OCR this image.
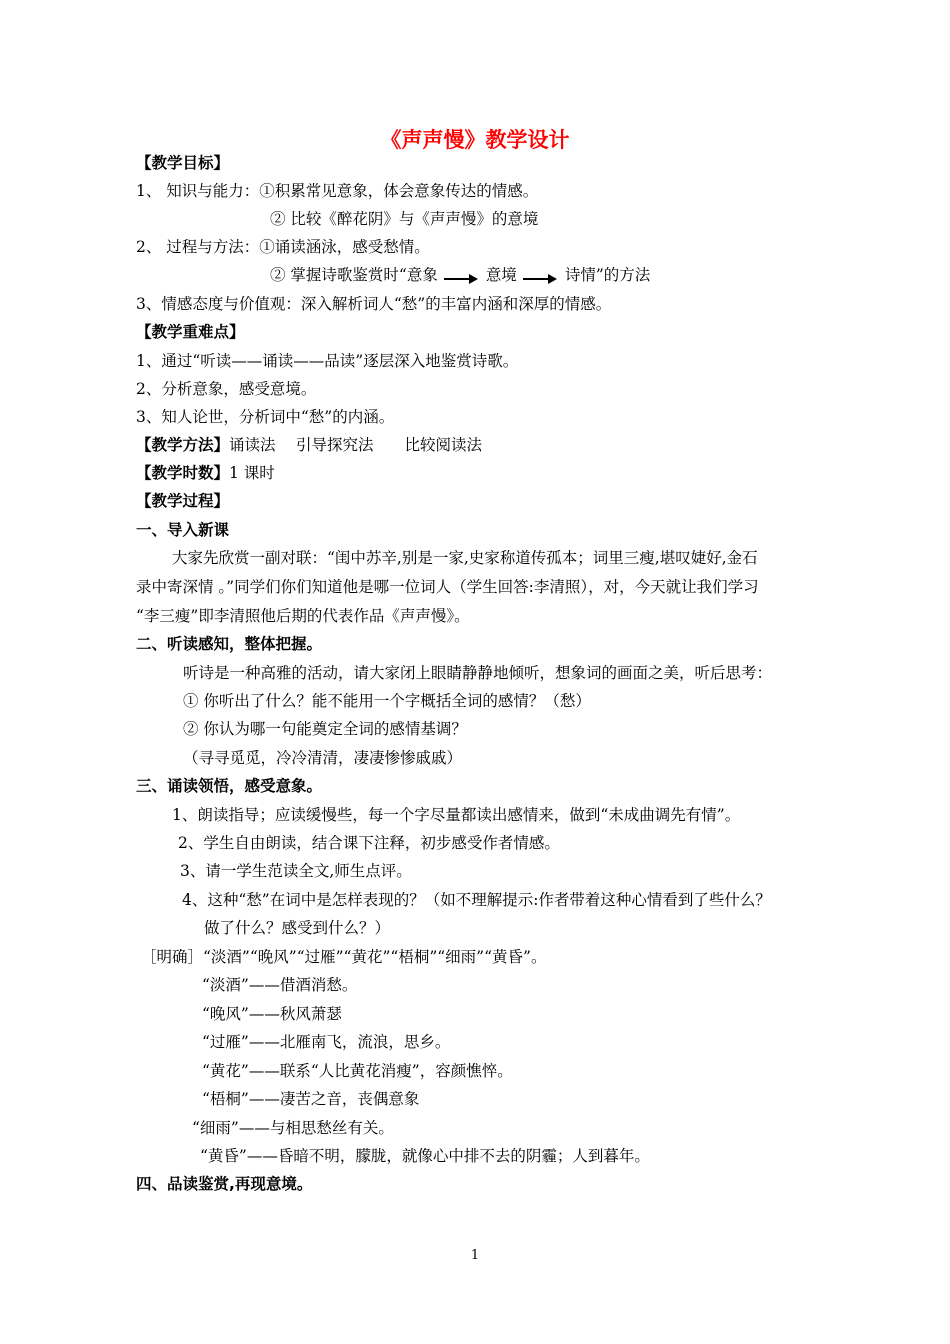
《声声慢》教学设计
【教学目标】
1、 知识与能力：①积累常见意象，体会意象传达的情感。
② 比较《醉花阴》与《声声慢》的意境
2、 过程与方法：①诵读涵泳，感受愁情。
② 掌握诗歌鉴赏时“意象	意境	诗情”的方法
3、情感态度与价值观：深入解析词人“愁”的丰富内涵和深厚的情感。
【教学重难点】
1、通过“听读——诵读——品读”逐层深入地鉴赏诗歌。
2、分析意象，感受意境。
3、知人论世，分析词中“愁”的内涵。
【教学方法】诵读法　 引导探究法　　比较阅读法
【教学时数】1 课时
【教学过程】
一、导入新课
大家先欣赏一副对联：“闺中苏辛,别是一家,史家称道传孤本；词里三瘦,堪叹婕好,金石
录中寄深情 。”同学们你们知道他是哪一位词人（学生回答:李清照），对，今天就让我们学习
“李三瘦”即李清照他后期的代表作品《声声慢》。
二、听读感知，整体把握。
听诗是一种高雅的活动，请大家闭上眼睛静静地倾听，想象词的画面之美，听后思考：
① 你听出了什么？能不能用一个字概括全词的感情？（愁）
② 你认为哪一句能奠定全词的感情基调？
（寻寻觅觅，冷冷清清，凄凄惨惨戚戚）
三、诵读领悟，感受意象。
1、朗读指导；应读缓慢些，每一个字尽量都读出感情来，做到“未成曲调先有情”。
2、学生自由朗读，结合课下注释，初步感受作者情感。
3、请一学生范读全文,师生点评。
4、这种“愁”在词中是怎样表现的？（如不理解提示:作者带着这种心情看到了些什么？
做了什么？感受到什么？）
［明确］“淡酒”“晚风”“过雁”“黄花”“梧桐”“细雨”“黄昏”。
“淡酒”——借酒消愁。
“晚风”——秋风萧瑟
“过雁”——北雁南飞，流浪，思乡。
“黄花”——联系“人比黄花消瘦”，容颜憔悴。
“梧桐”——凄苦之音，丧偶意象
“细雨”——与相思愁丝有关。
“黄昏”——昏暗不明，朦胧，就像心中排不去的阴霾；人到暮年。
四、品读鉴赏,再现意境。
1
